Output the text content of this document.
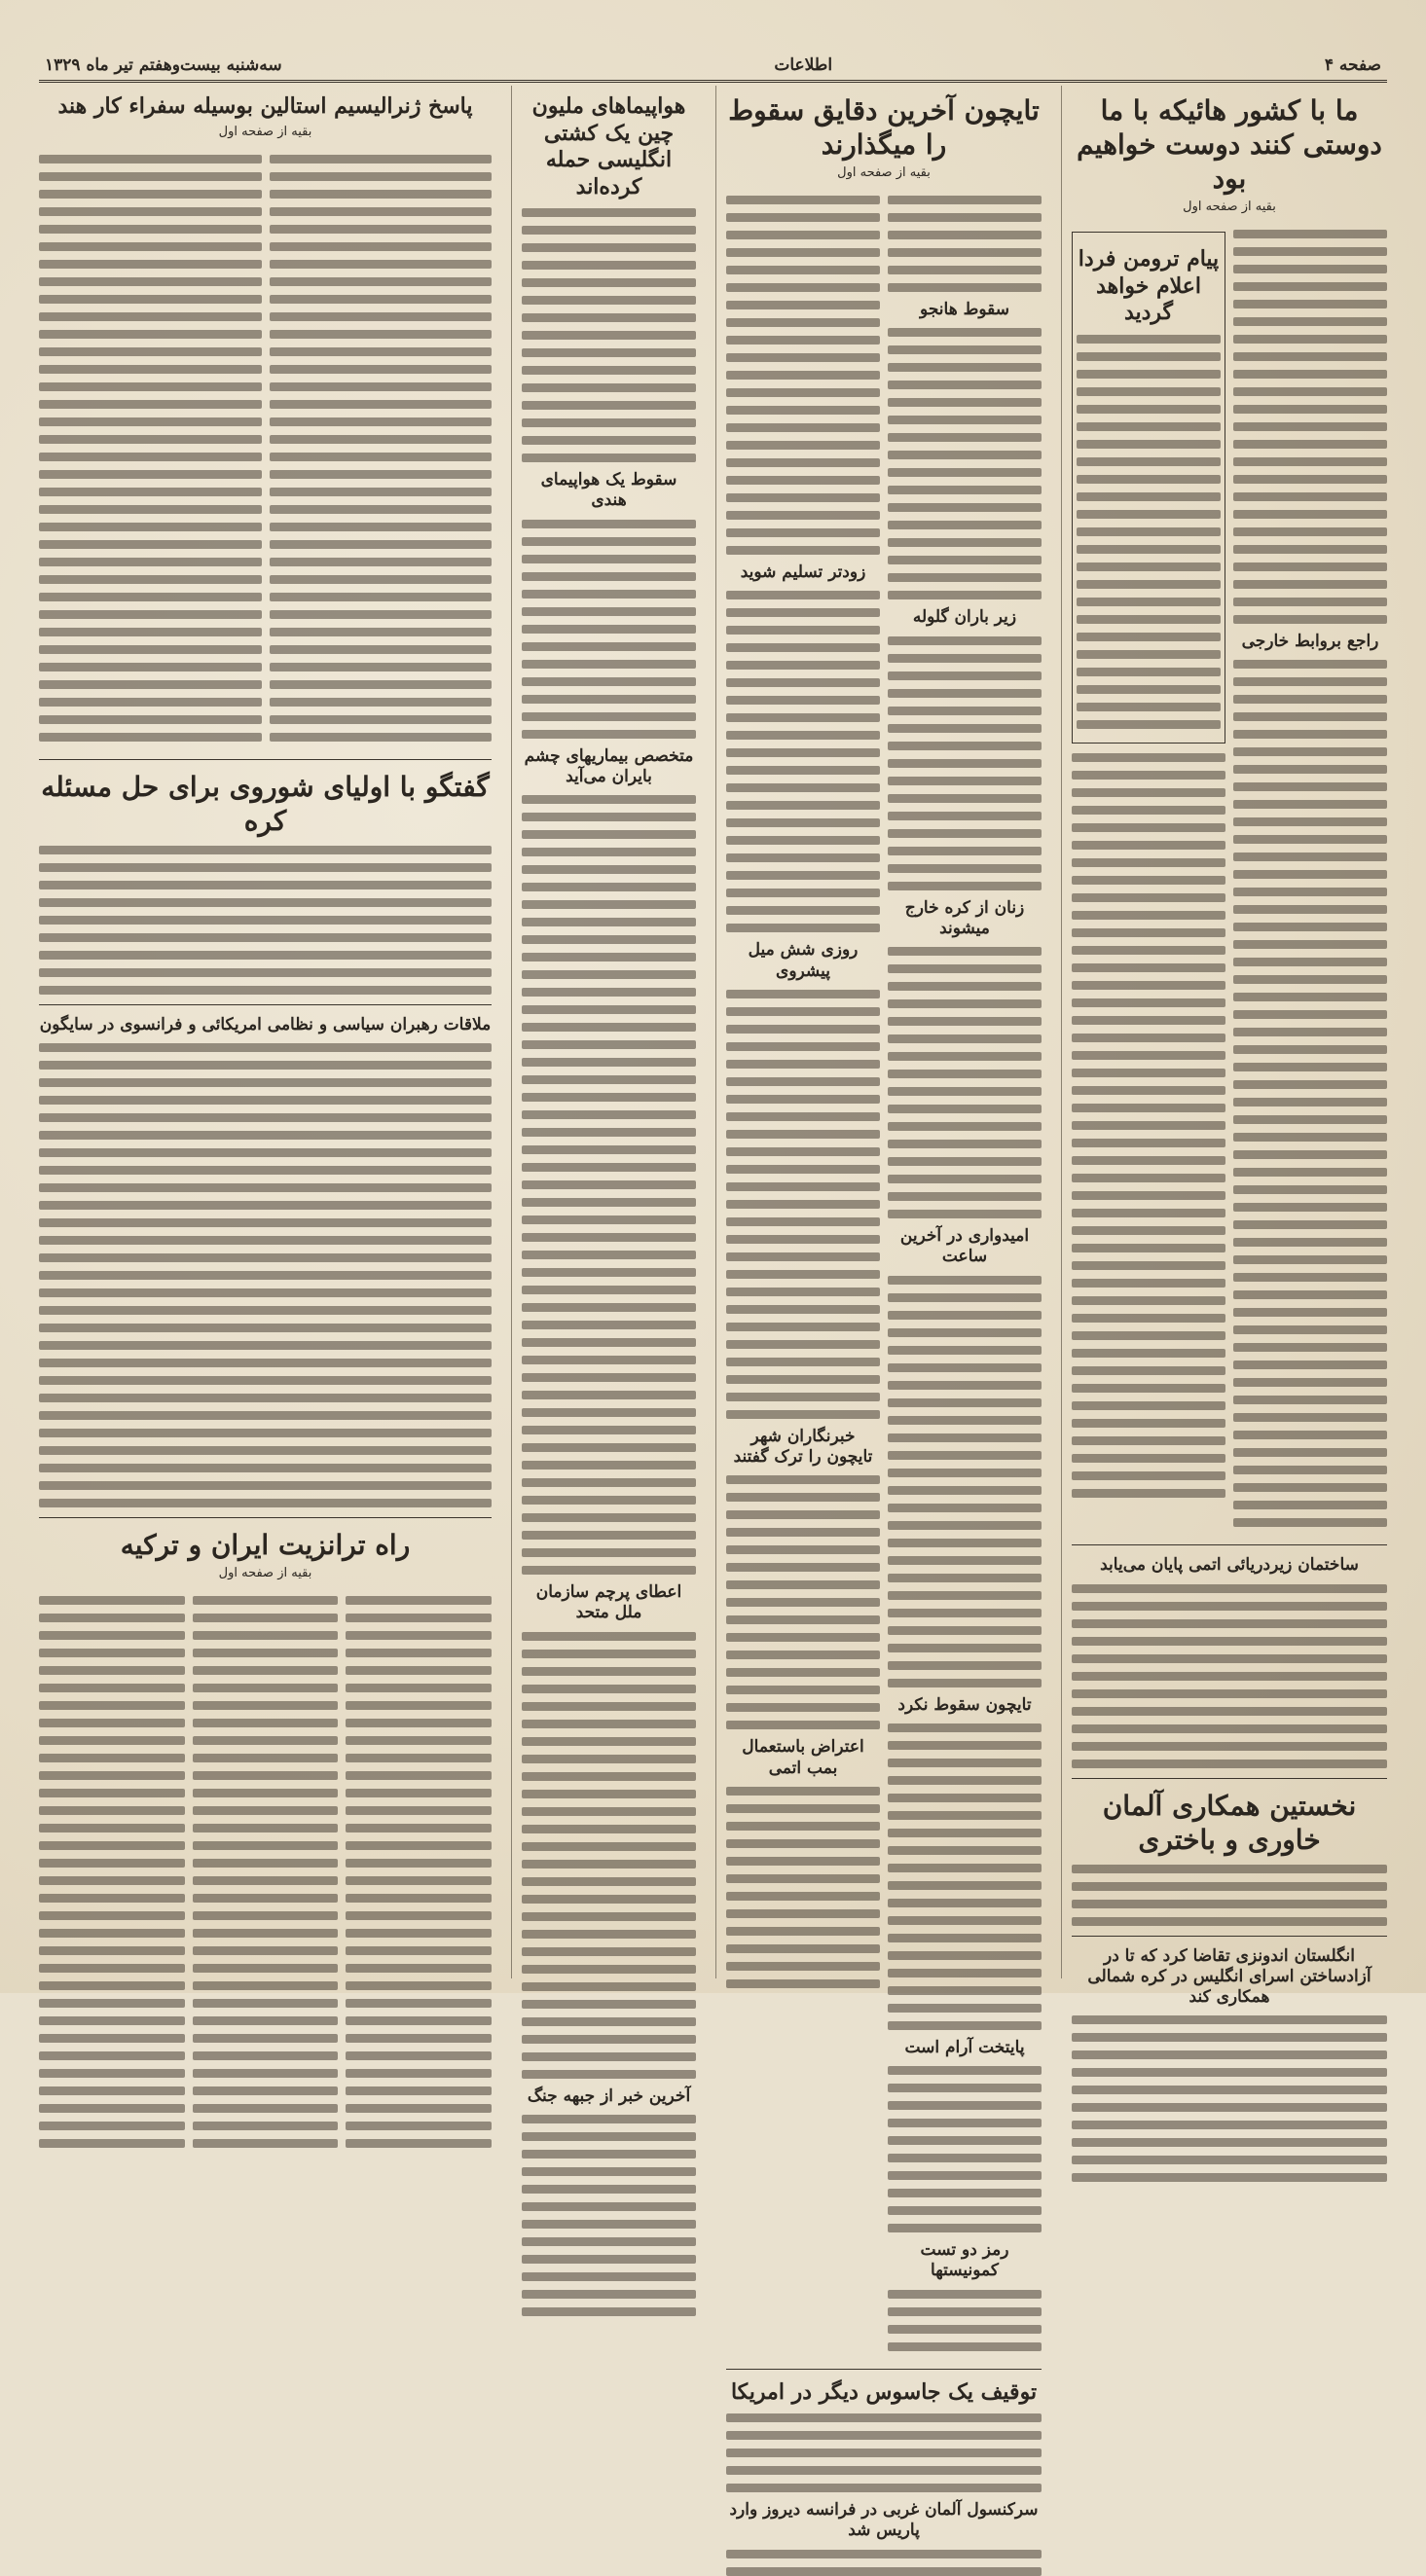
صفحه ۴
اطلاعات
سه‌شنبه بیست‌وهفتم تیر ماه ۱۳۲۹
ما با کشور هائیکه با ما دوستی کنند دوست خواهیم بود
بقیه از صفحه اول
راجع بروابط خارجی
پیام ترومن فردا اعلام خواهد گردید
ساختمان زیردریائی اتمی پایان می‌یابد
نخستین همکاری آلمان خاوری و باختری
انگلستان اندونزی تقاضا کرد که تا در آزادساختن اسرای انگلیس در کره شمالی همکاری کند
تایچون آخرین دقایق سقوط را میگذارند
بقیه از صفحه اول
سقوط هانجو
زیر باران گلوله
زنان از کره خارج میشوند
امیدواری در آخرین ساعت
تایچون سقوط نکرد
پایتخت آرام است
رمز دو تست کمونیستها
زودتر تسلیم شوید
روزی شش میل پیشروی
خبرنگاران شهر تایچون را ترک گفتند
اعتراض باستعمال بمب اتمی
توقیف یک جاسوس دیگر در امریکا
سرکنسول آلمان غربی در فرانسه دیروز وارد پاریس شد
هواپیماهای ملیون چین یک کشتی انگلیسی حمله کرده‌اند
سقوط یک هواپیمای هندی
متخصص بیماریهای چشم بایران می‌آید
اعطای پرچم سازمان ملل متحد
آخرین خبر از جبهه جنگ
پاسخ ژنرالیسیم استالین بوسیله سفراء کار هند
بقیه از صفحه اول
گفتگو با اولیای شوروی برای حل مسئله کره
ملاقات رهبران سیاسی و نظامی امریکائی و فرانسوی در سایگون
راه ترانزیت ایران و ترکیه
بقیه از صفحه اول
